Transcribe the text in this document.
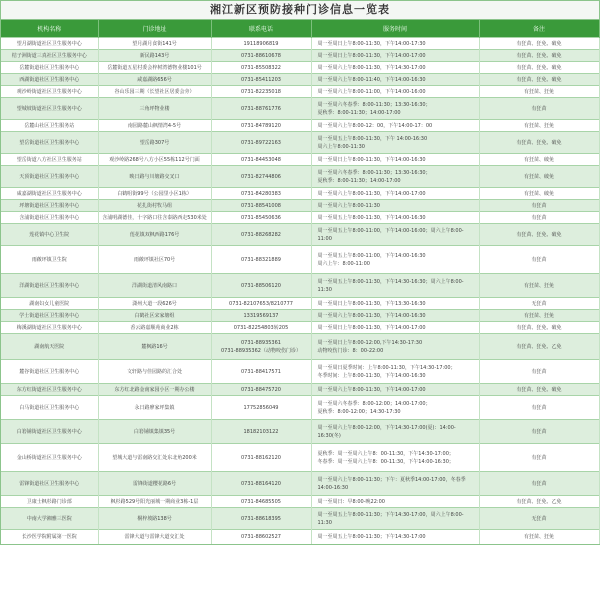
湘江新区预防接种门诊信息一览表
机构名称	门诊地址	联系电话	服务时间	备注
望月湖街道社区卫生服务中心	望月湖月食街141号	19118906819	周一至周日上午8:00-11:30，下午14:00-17:30	有狂苗、狂免、破免
桔子洲街道三真社区卫生服务中心	新民路143号	0731-88610678	周一至周日上午8:00-11:30，下午14:00-17:00	有狂苗、狂免、破免
岳麓街道社区卫生服务中心	岳麓街道五星村委会梓树湾德物业楼101号	0731-85508322	周一至周六上午8:00-11:30，下午14:30-17:00	有狂苗、狂免、破免
西湖街道社区卫生服务中心	咸嘉湖路656号	0731-85411203	周一至周六上午8:00-11:40，下午14:00-16:30	有狂苗、狂免、破免
观沙岭街道社区卫生服务中心	谷山乐园三期（长望社区居委会旁）	0731-82235018	周一至周六上午8:00-11:00，下午14:00-16:00	有狂苗、狂免
望城坡街道社区卫生服务中心	三角坪物业楼	0731-88761776	周一至周六冬春季：8:00-11:30；13:30-16:30；
夏秋季：8:00-11:30；14:00-17:00	有狂苗
岳麓山社区卫生服务站	南园路麓山枫情湾4-5号	0731-84789120	周一至周六上午8:00-12：00，下午14:00-17：00	有狂苗、狂免
望岳街道社区卫生服务中心	望岳路307号	0731-89722163	周一至周五上午8:00-11:30，下午 14:00-16:30
周六上午8:00-11:30	有狂苗、狂免、破免
望岳街道八方社区卫生服务站	观沙岭路268号八方小区55栋112号门面	0731-84453048	周一至周日上午8:00-11:30，下午14:00-16:30	有狂苗、破免
天顶街道社区卫生服务中心	映日路与川塘路交叉口	0731-82744806	周一至周六冬春季：8:00-11:30；13:30-16:30；
夏秋季：8:00-11:30；14:00-17:00	有狂苗、破免
咸嘉湖街道社区卫生服务中心	白鹤咀街99号（公园里小区1栋）	0731-84280383	周一至周六上午8:00-11:30，下午14:00-17:00	有狂苗、破免
坪塘街道社区卫生服务中心	花扎街村牧马组	0731-88541008	周一至周六上午8:00-11:30	有狂苗
含浦街道社区卫生服务中心	含浦明湖德佳，十字路口往含泰路西走530米处	0731-85450636	周一至周五上午8:00-11:30，下午14:00-16:30	有狂苗
莲花镇中心卫生院	莲花镇双枫西路176号	0731-88268282	周一至周五上午8:00-11:00，下午14:00-16:00；周六上午8:00-
11:00	有狂苗、狂免、破免
雨敞坪镇卫生院	雨敞坪镇社区70号	0731-88321889	周一至周五上午8:00-11:00，下午14:00-16:30
周六上午：8:00-11:00	有狂苗
洋湖街道社区卫生服务中心	洋湖街道清风南路口	0731-88506120	周一至周五上午8:00-11:30，下午14:30-16:30；周六上午8:00-
11:30	有狂苗、狂免
湖南妇女儿童医院	潇州大道一段626号	0731-82107653/8210777	周一至周日上午8:00-11:30，下午13:30-16:30	无狂苗
学士街道社区卫生服务中心	白鹤社区宋家塘组	13319569137	周一至周六上午8:00-11:30，下午14:00-16:30	有狂苗、狂免
梅溪湖街道社区卫生服务中心	香云路嘉顺苑商业2栋	0731-82254803转205	周一至周日上午8:00-11:30，下午14:00-17:00	有狂苗、狂免、破免
湖南航天医院	麓枫路16号	0731-88935361
0731-88935362（动物咬伤门诊）	周一至周日上午8:00-12:00,下午14:30-17:30
动物咬伤门诊：8：00-22:00	有狂苗、狂免、乙免
麓谷街道社区卫生服务中心	文轩路与佳园路的汇合处	0731-88417571	周一至周日夏季时间：上午8:00-11:30，下午14:30-17:00；
冬季时间：上午8:00-11:30，下午14:00-16:30	有狂苗
东方红街道社区卫生服务中心	东方红北路金南家园小区一期办公楼	0731-88475720	周一至周六上午8:00-11:30，下午14:00-17:00	有狂苗、狂免、破免
白马街道社区卫生服务中心	永日路廖家坪集镇	17752856049	周一至周六冬春季：8:00-12:00；14:00-17:00；
夏秋季：8:00-12:00；14:30-17:30	有狂苗
白箬铺街道社区卫生服务中心	白箬铺镇集镇35号	18182103122	周一至周六上午8:00-12:00，下午14:30-17:00(夏)：14:00-
16:30(冬)	有狂苗
金山桥街道社区卫生服务中心	望城大道与雷南路交汇处东北角200米	0731-88162120	夏秋季：周一至周六上午8：00-11:30，下午14:30-17:00；
冬春季：周一至周六上午8：00-11:30，下午14:00-16:30；	有狂苗
雷锋街道社区卫生服务中心	雷锋街道樱花路6号	0731-88164120	周一至周六上午8:00-11:30；下午：夏秋季14:00-17:00，冬春季
14:00-16:30	有狂苗
卫康士枫杉路门诊部	枫杉路529号阳光丽城一期商业3栋-1层	0731-84685505	周一至周日：早8:00-晚22:00	有狂苗、狂免、乙免
中南大学湘雅三医院	桐梓坡路138号	0731-88618395	周一至周五上午8:00-11:30；下午14:30-17:00，周六上午8:00-
11:30	无狂苗
长沙医学院附属第一医院	雷锋大道与雷锋大道交汇处	0731-88602527	周一至周五上午8:00-11:30；下午14:30-17:00	有狂苗、狂免
